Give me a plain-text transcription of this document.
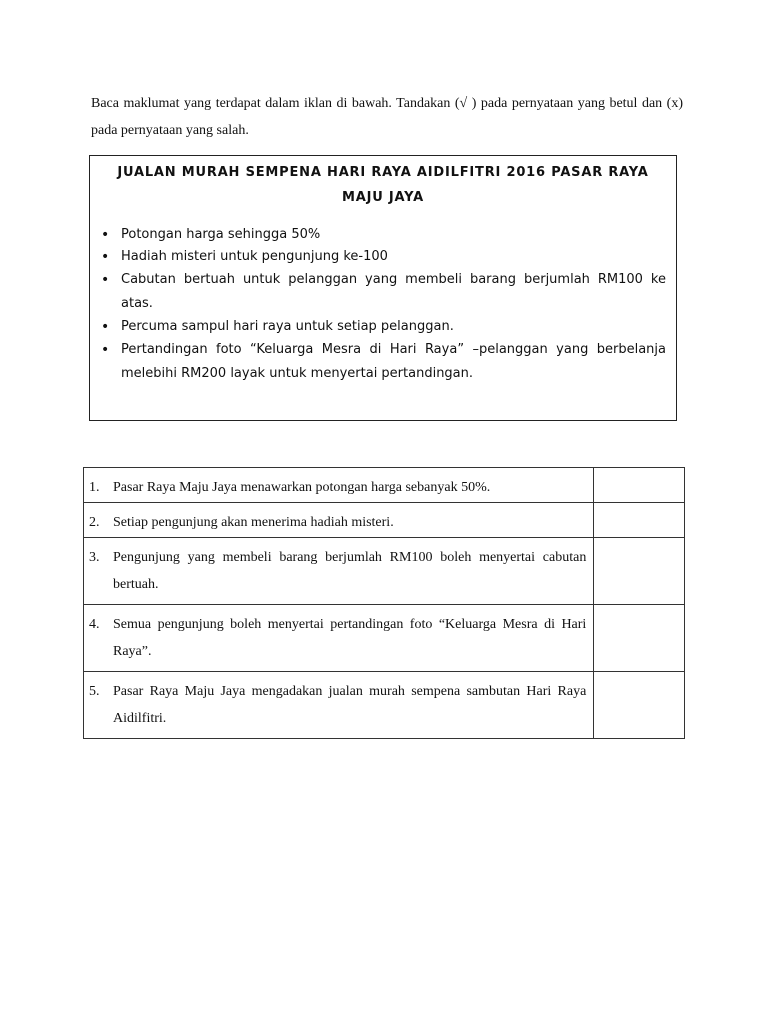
Baca maklumat yang terdapat dalam iklan di bawah. Tandakan (√ ) pada pernyataan yang betul dan (x) pada pernyataan yang salah.

JUALAN MURAH SEMPENA HARI RAYA AIDILFITRI 2016 PASAR RAYA MAJU JAYA
• Potongan harga sehingga 50%
• Hadiah misteri untuk pengunjung ke-100
• Cabutan bertuah untuk pelanggan yang membeli barang berjumlah RM100 ke atas.
• Percuma sampul hari raya untuk setiap pelanggan.
• Pertandingan foto “Keluarga Mesra di Hari Raya” –pelanggan yang berbelanja melebihi RM200 layak untuk menyertai pertandingan.
1. Pasar Raya Maju Jaya menawarkan potongan harga sebanyak 50%.	

2. Setiap pengunjung akan menerima hadiah misteri.	

3. Pengunjung yang membeli barang berjumlah RM100 boleh menyertai cabutan bertuah.	

4. Semua pengunjung boleh menyertai pertandingan foto “Keluarga Mesra di Hari Raya”.	

5. Pasar Raya Maju Jaya mengadakan jualan murah sempena sambutan Hari Raya Aidilfitri.	
